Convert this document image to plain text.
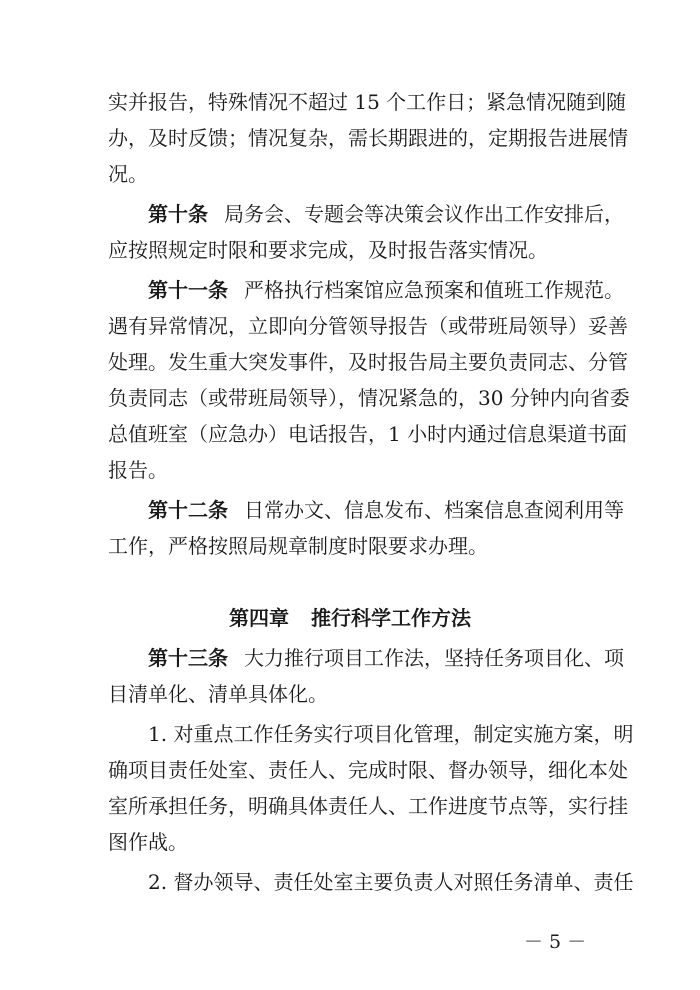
实并报告，特殊情况不超过 15 个工作日；紧急情况随到随
办，及时反馈；情况复杂，需长期跟进的，定期报告进展情
况。
第十条 局务会、专题会等决策会议作出工作安排后，
应按照规定时限和要求完成，及时报告落实情况。
第十一条 严格执行档案馆应急预案和值班工作规范。
遇有异常情况，立即向分管领导报告（或带班局领导）妥善
处理。发生重大突发事件，及时报告局主要负责同志、分管
负责同志（或带班局领导），情况紧急的，30 分钟内向省委
总值班室（应急办）电话报告，1 小时内通过信息渠道书面
报告。
第十二条 日常办文、信息发布、档案信息查阅利用等
工作，严格按照局规章制度时限要求办理。
第四章 推行科学工作方法
第十三条 大力推行项目工作法，坚持任务项目化、项
目清单化、清单具体化。
1. 对重点工作任务实行项目化管理，制定实施方案，明
确项目责任处室、责任人、完成时限、督办领导，细化本处
室所承担任务，明确具体责任人、工作进度节点等，实行挂
图作战。
2. 督办领导、责任处室主要负责人对照任务清单、责任
－ 5 －
